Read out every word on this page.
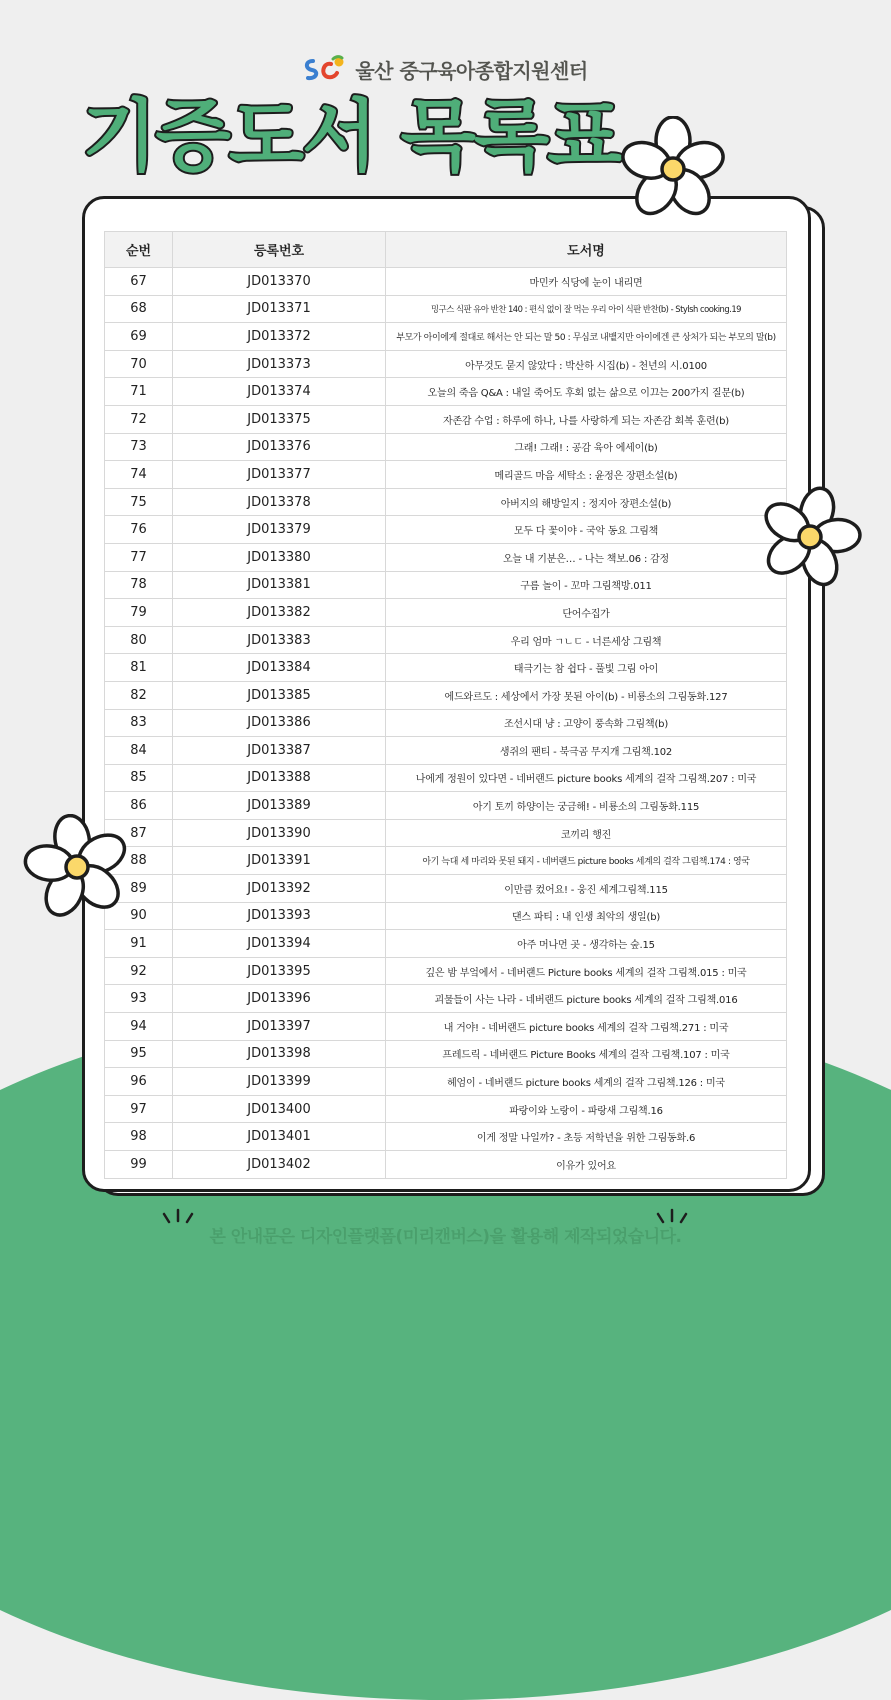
울산 중구육아종합지원센터
기증도서 목록표
순번	등록번호	도서명
67	JD013370	마민카 식당에 눈이 내리면
68	JD013371	밍구스 식판 유아 반찬 140 : 편식 없이 잘 먹는 우리 아이 식판 반찬(b) - Stylsh cooking.19
69	JD013372	부모가 아이에게 절대로 해서는 안 되는 말 50 : 무심코 내뱉지만 아이에겐 큰 상처가 되는 부모의 말(b)
70	JD013373	아무것도 묻지 않았다 : 박산하 시집(b) - 천년의 시.0100
71	JD013374	오늘의 죽음 Q&A : 내일 죽어도 후회 없는 삶으로 이끄는 200가지 질문(b)
72	JD013375	자존감 수업 : 하루에 하나, 나를 사랑하게 되는 자존감 회복 훈련(b)
73	JD013376	그래! 그래! : 공감 육아 에세이(b)
74	JD013377	메리골드 마음 세탁소 : 윤정은 장편소설(b)
75	JD013378	아버지의 해방일지 : 정지아 장편소설(b)
76	JD013379	모두 다 꽃이야 - 국악 동요 그림책
77	JD013380	오늘 내 기분은… - 나는 책보.06 : 감정
78	JD013381	구름 놀이 - 꼬마 그림책방.011
79	JD013382	단어수집가
80	JD013383	우리 엄마 ㄱㄴㄷ - 너른세상 그림책
81	JD013384	태극기는 참 쉽다 - 풀빛 그림 아이
82	JD013385	에드와르도 : 세상에서 가장 못된 아이(b) - 비룡소의 그림동화.127
83	JD013386	조선시대 냥 : 고양이 풍속화 그림책(b)
84	JD013387	생쥐의 팬티 - 북극곰 무지개 그림책.102
85	JD013388	나에게 정원이 있다면 - 네버랜드 picture books 세계의 걸작 그림책.207 : 미국
86	JD013389	아기 토끼 하양이는 궁금해! - 비룡소의 그림동화.115
87	JD013390	코끼리 행진
88	JD013391	아기 늑대 세 마리와 못된 돼지 - 네버랜드 picture books 세계의 걸작 그림책.174 : 영국
89	JD013392	이만큼 컸어요! - 웅진 세계그림책.115
90	JD013393	댄스 파티 : 내 인생 최악의 생일(b)
91	JD013394	아주 머나먼 곳 - 생각하는 숲.15
92	JD013395	깊은 밤 부엌에서 - 네버랜드 Picture books 세계의 걸작 그림책.015 : 미국
93	JD013396	괴물들이 사는 나라 - 네버랜드 picture books 세계의 걸작 그림책.016
94	JD013397	내 거야! - 네버랜드 picture books 세계의 걸작 그림책.271 : 미국
95	JD013398	프레드릭 - 네버랜드 Picture Books 세계의 걸작 그림책.107 : 미국
96	JD013399	헤엄이 - 네버랜드 picture books 세계의 걸작 그림책.126 : 미국
97	JD013400	파랑이와 노랑이 - 파랑새 그림책.16
98	JD013401	이게 정말 나일까? - 초등 저학년을 위한 그림동화.6
99	JD013402	이유가 있어요
본 안내문은 디자인플랫폼(미리캔버스)을 활용해 제작되었습니다.
